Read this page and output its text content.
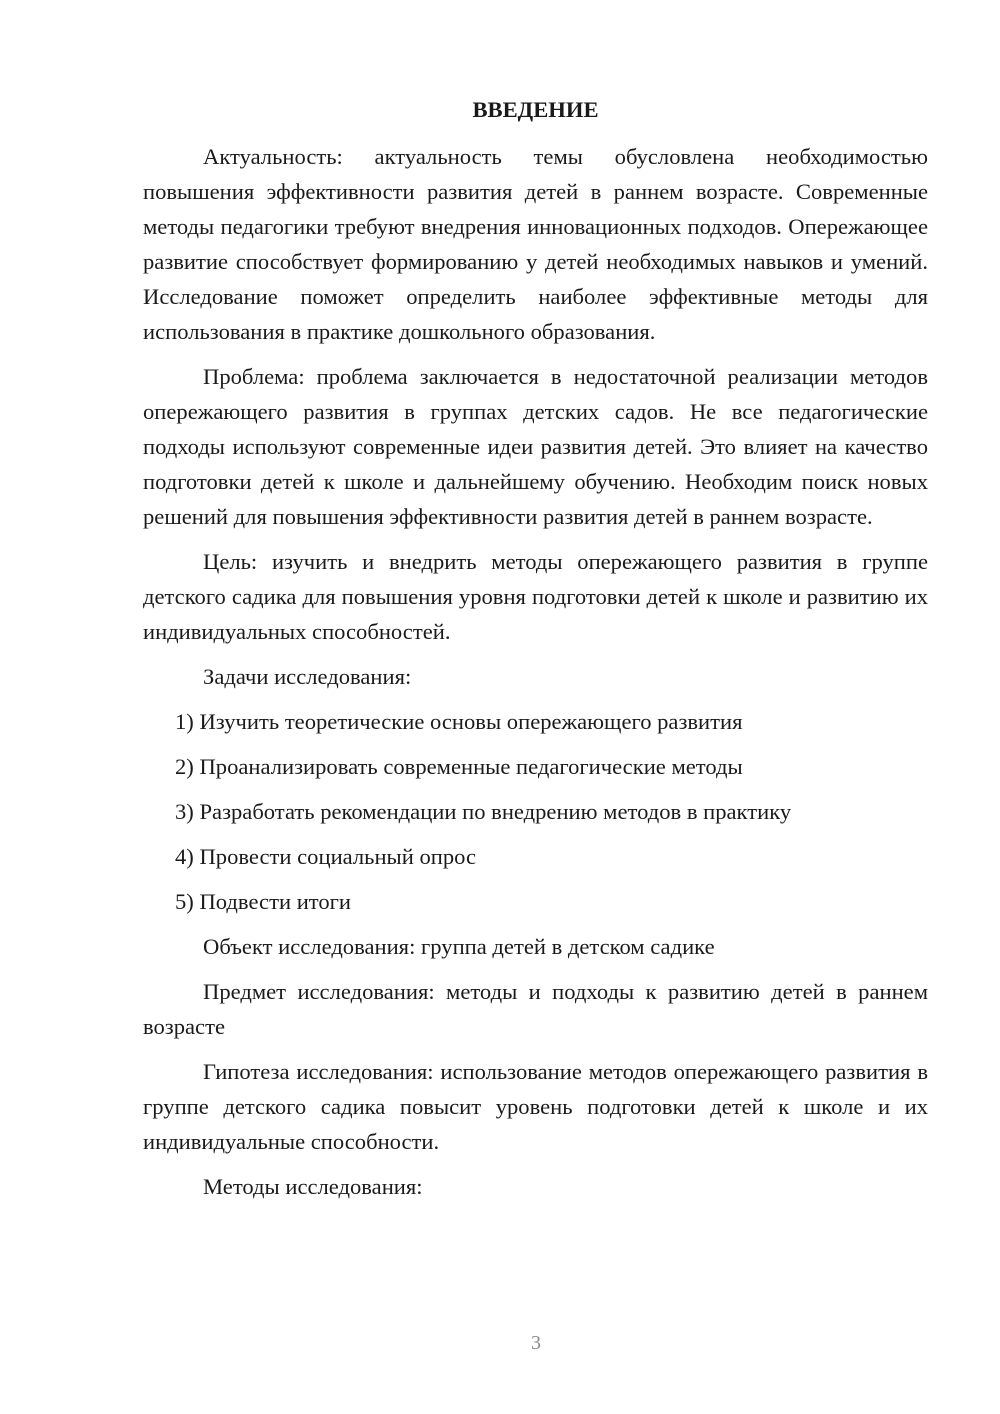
ВВЕДЕНИЕ

Актуальность: актуальность темы обусловлена необходимостью повышения эффективности развития детей в раннем возрасте. Современные методы педагогики требуют внедрения инновационных подходов. Опережающее развитие способствует формированию у детей необходимых навыков и умений. Исследование поможет определить наиболее эффективные методы для использования в практике дошкольного образования.

Проблема: проблема заключается в недостаточной реализации методов опережающего развития в группах детских садов. Не все педагогические подходы используют современные идеи развития детей. Это влияет на качество подготовки детей к школе и дальнейшему обучению. Необходим поиск новых решений для повышения эффективности развития детей в раннем возрасте.

Цель: изучить и внедрить методы опережающего развития в группе детского садика для повышения уровня подготовки детей к школе и развитию их индивидуальных способностей.

Задачи исследования:

1) Изучить теоретические основы опережающего развития
2) Проанализировать современные педагогические методы
3) Разработать рекомендации по внедрению методов в практику
4) Провести социальный опрос
5) Подвести итоги

Объект исследования: группа детей в детском садике

Предмет исследования: методы и подходы к развитию детей в раннем возрасте

Гипотеза исследования: использование методов опережающего развития в группе детского садика повысит уровень подготовки детей к школе и их индивидуальные способности.

Методы исследования:

3
